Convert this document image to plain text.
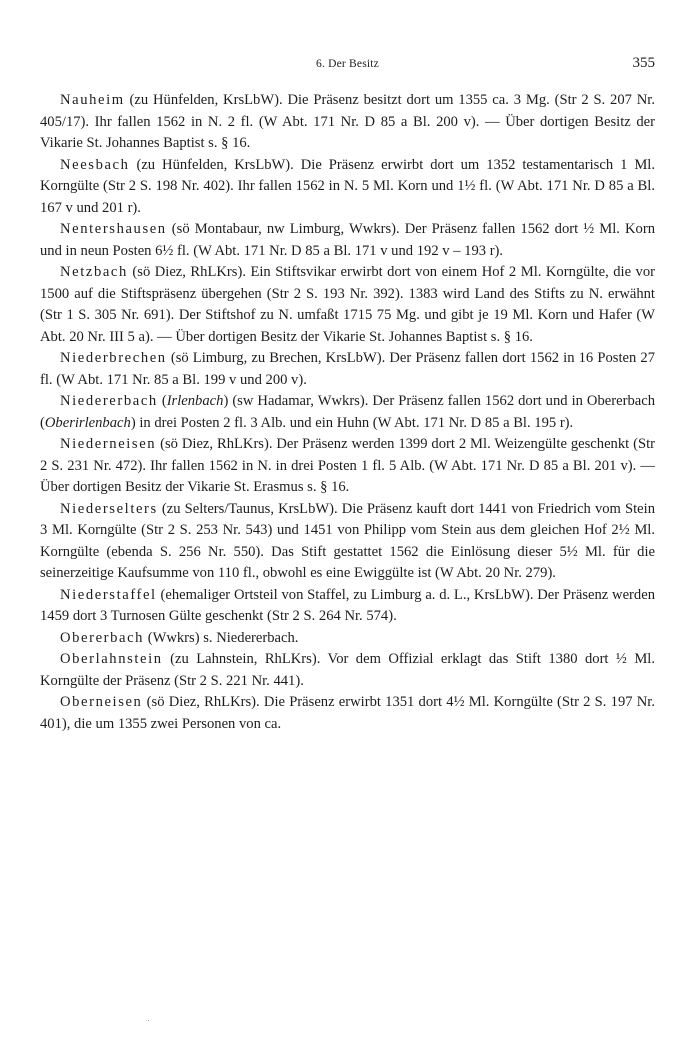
6. Der Besitz	355

Nauheim (zu Hünfelden, KrsLbW). Die Präsenz besitzt dort um 1355 ca. 3 Mg. (Str 2 S. 207 Nr. 405/17). Ihr fallen 1562 in N. 2 fl. (W Abt. 171 Nr. D 85 a Bl. 200 v). — Über dortigen Besitz der Vikarie St. Johannes Baptist s. § 16.

Neesbach (zu Hünfelden, KrsLbW). Die Präsenz erwirbt dort um 1352 testamentarisch 1 Ml. Korngülte (Str 2 S. 198 Nr. 402). Ihr fallen 1562 in N. 5 Ml. Korn und 1½ fl. (W Abt. 171 Nr. D 85 a Bl. 167 v und 201 r).

Nentershausen (sö Montabaur, nw Limburg, Wwkrs). Der Präsenz fallen 1562 dort ½ Ml. Korn und in neun Posten 6½ fl. (W Abt. 171 Nr. D 85 a Bl. 171 v und 192 v – 193 r).

Netzbach (sö Diez, RhLKrs). Ein Stiftsvikar erwirbt dort von einem Hof 2 Ml. Korngülte, die vor 1500 auf die Stiftspräsenz übergehen (Str 2 S. 193 Nr. 392). 1383 wird Land des Stifts zu N. erwähnt (Str 1 S. 305 Nr. 691). Der Stiftshof zu N. umfaßt 1715 75 Mg. und gibt je 19 Ml. Korn und Hafer (W Abt. 20 Nr. III 5 a). — Über dortigen Besitz der Vikarie St. Johannes Baptist s. § 16.

Niederbrechen (sö Limburg, zu Brechen, KrsLbW). Der Präsenz fallen dort 1562 in 16 Posten 27 fl. (W Abt. 171 Nr. 85 a Bl. 199 v und 200 v).

Niedererbach (Irlenbach) (sw Hadamar, Wwkrs). Der Präsenz fallen 1562 dort und in Obererbach (Oberirlenbach) in drei Posten 2 fl. 3 Alb. und ein Huhn (W Abt. 171 Nr. D 85 a Bl. 195 r).

Niederneisen (sö Diez, RhLKrs). Der Präsenz werden 1399 dort 2 Ml. Weizengülte geschenkt (Str 2 S. 231 Nr. 472). Ihr fallen 1562 in N. in drei Posten 1 fl. 5 Alb. (W Abt. 171 Nr. D 85 a Bl. 201 v). — Über dortigen Besitz der Vikarie St. Erasmus s. § 16.

Niederselters (zu Selters/Taunus, KrsLbW). Die Präsenz kauft dort 1441 von Friedrich vom Stein 3 Ml. Korngülte (Str 2 S. 253 Nr. 543) und 1451 von Philipp vom Stein aus dem gleichen Hof 2½ Ml. Korngülte (ebenda S. 256 Nr. 550). Das Stift gestattet 1562 die Einlösung dieser 5½ Ml. für die seinerzeitige Kaufsumme von 110 fl., obwohl es eine Ewiggülte ist (W Abt. 20 Nr. 279).

Niederstaffel (ehemaliger Ortsteil von Staffel, zu Limburg a. d. L., KrsLbW). Der Präsenz werden 1459 dort 3 Turnosen Gülte geschenkt (Str 2 S. 264 Nr. 574).

Obererbach (Wwkrs) s. Niedererbach.

Oberlahnstein (zu Lahnstein, RhLKrs). Vor dem Offizial erklagt das Stift 1380 dort ½ Ml. Korngülte der Präsenz (Str 2 S. 221 Nr. 441).

Oberneisen (sö Diez, RhLKrs). Die Präsenz erwirbt 1351 dort 4½ Ml. Korngülte (Str 2 S. 197 Nr. 401), die um 1355 zwei Personen von ca.
